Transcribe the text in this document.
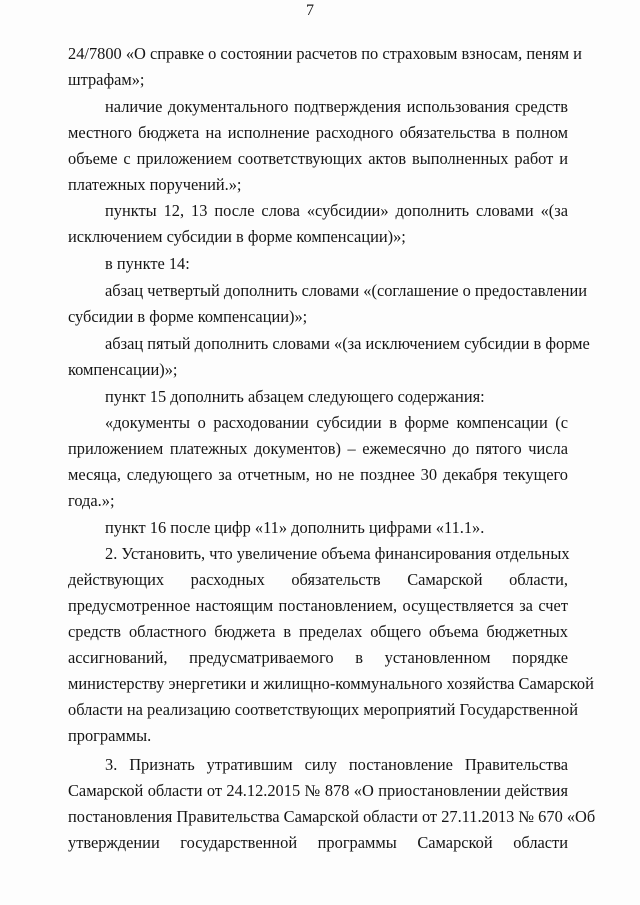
7
24/7800 «О справке о состоянии расчетов по страховым взносам, пеням и
штрафам»;
наличие документального подтверждения использования средств
местного бюджета на исполнение расходного обязательства в полном
объеме с приложением соответствующих актов выполненных работ и
платежных поручений.»;
пункты 12, 13 после слова «субсидии» дополнить словами «(за
исключением субсидии в форме компенсации)»;
в пункте 14:
абзац четвертый дополнить словами «(соглашение о предоставлении
субсидии в форме компенсации)»;
абзац пятый дополнить словами «(за исключением субсидии в форме
компенсации)»;
пункт 15 дополнить абзацем следующего содержания:
«документы о расходовании субсидии в форме компенсации (с
приложением платежных документов) – ежемесячно до пятого числа
месяца, следующего за отчетным, но не позднее 30 декабря текущего
года.»;
пункт 16 после цифр «11» дополнить цифрами «11.1».
2. Установить, что увеличение объема финансирования отдельных
действующих расходных обязательств Самарской области,
предусмотренное настоящим постановлением, осуществляется за счет
средств областного бюджета в пределах общего объема бюджетных
ассигнований, предусматриваемого в установленном порядке
министерству энергетики и жилищно-коммунального хозяйства Самарской
области на реализацию соответствующих мероприятий Государственной
программы.
3. Признать утратившим силу постановление Правительства
Самарской области от 24.12.2015 № 878 «О приостановлении действия
постановления Правительства Самарской области от 27.11.2013 № 670 «Об
утверждении государственной программы Самарской области
